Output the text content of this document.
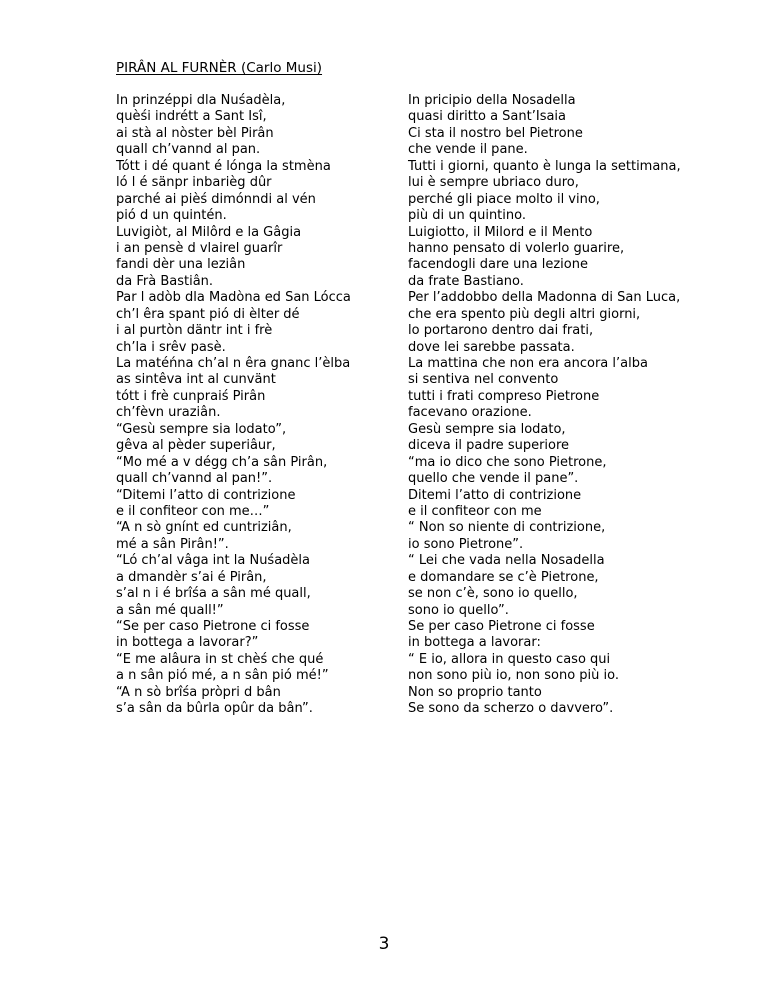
PIRÂN AL FURNÈR (Carlo Musi)
In prinzéppi dla Nuśadèla,
quèśi indrétt a Sant Isî,
ai stà al nòster bèl Pirân
quall ch’vannd al pan.
Tótt i dé quant é lónga la stmèna
ló l é sänpr inbarièg dûr
parché ai pièś dimónndi al vén
pió d un quintén.
Luvigiòt, al Milôrd e la Gâgia
i an pensè d vlairel guarîr
fandi dèr una leziân
da Frà Bastiân.
Par l adòb dla Madòna ed San Lócca
ch’l êra spant pió di èlter dé
i al purtòn däntr int i frè
ch’la i srêv pasè.
La matéńna ch’al n êra gnanc l’èlba
as sintêva int al cunvänt
tótt i frè cunpraiś Pirân
ch’fèvn uraziân.
“Gesù sempre sia lodato”,
gêva al pèder superiâur,
“Mo mé a v dégg ch’a sân Pirân,
quall ch’vannd al pan!”.
“Ditemi l’atto di contrizione
e il confiteor con me…”
“A n sò gnínt ed cuntriziân,
mé a sân Pirân!”.
“Ló ch’al vâga int la Nuśadèla
a dmandèr s’ai é Pirân,
s’al n i é brîśa a sân mé quall,
a sân mé quall!”
“Se per caso Pietrone ci fosse
in bottega a lavorar?”
“E me alâura in st chèś che qué
a n sân pió mé, a n sân pió mé!”
“A n sò brîśa pròpri d bân
s’a sân da bûrla opûr da bân”.
In pricipio della Nosadella
quasi diritto a Sant’Isaia
Ci sta il nostro bel Pietrone
che vende il pane.
Tutti i giorni, quanto è lunga la settimana,
lui è sempre ubriaco duro,
perché gli piace molto il vino,
più di un quintino.
Luigiotto, il Milord e il Mento
hanno pensato di volerlo guarire,
facendogli dare una lezione
da frate Bastiano.
Per l’addobbo della Madonna di San Luca,
che era spento più degli altri giorni,
lo portarono dentro dai frati,
dove lei sarebbe passata.
La mattina che non era ancora l’alba
si sentiva nel convento
tutti i frati compreso Pietrone
facevano orazione.
Gesù sempre sia lodato,
diceva il padre superiore
“ma io dico che sono Pietrone,
quello che vende il pane”.
Ditemi l’atto di contrizione
e il confiteor con me
“ Non so niente di contrizione,
io sono Pietrone”.
“ Lei che vada nella Nosadella
e domandare se c’è Pietrone,
se non c’è, sono io quello,
sono io quello”.
Se per caso Pietrone ci fosse
in bottega a lavorar:
“ E io, allora in questo caso qui
non sono più io, non sono più io.
Non so proprio tanto
Se sono da scherzo o davvero”.
3
